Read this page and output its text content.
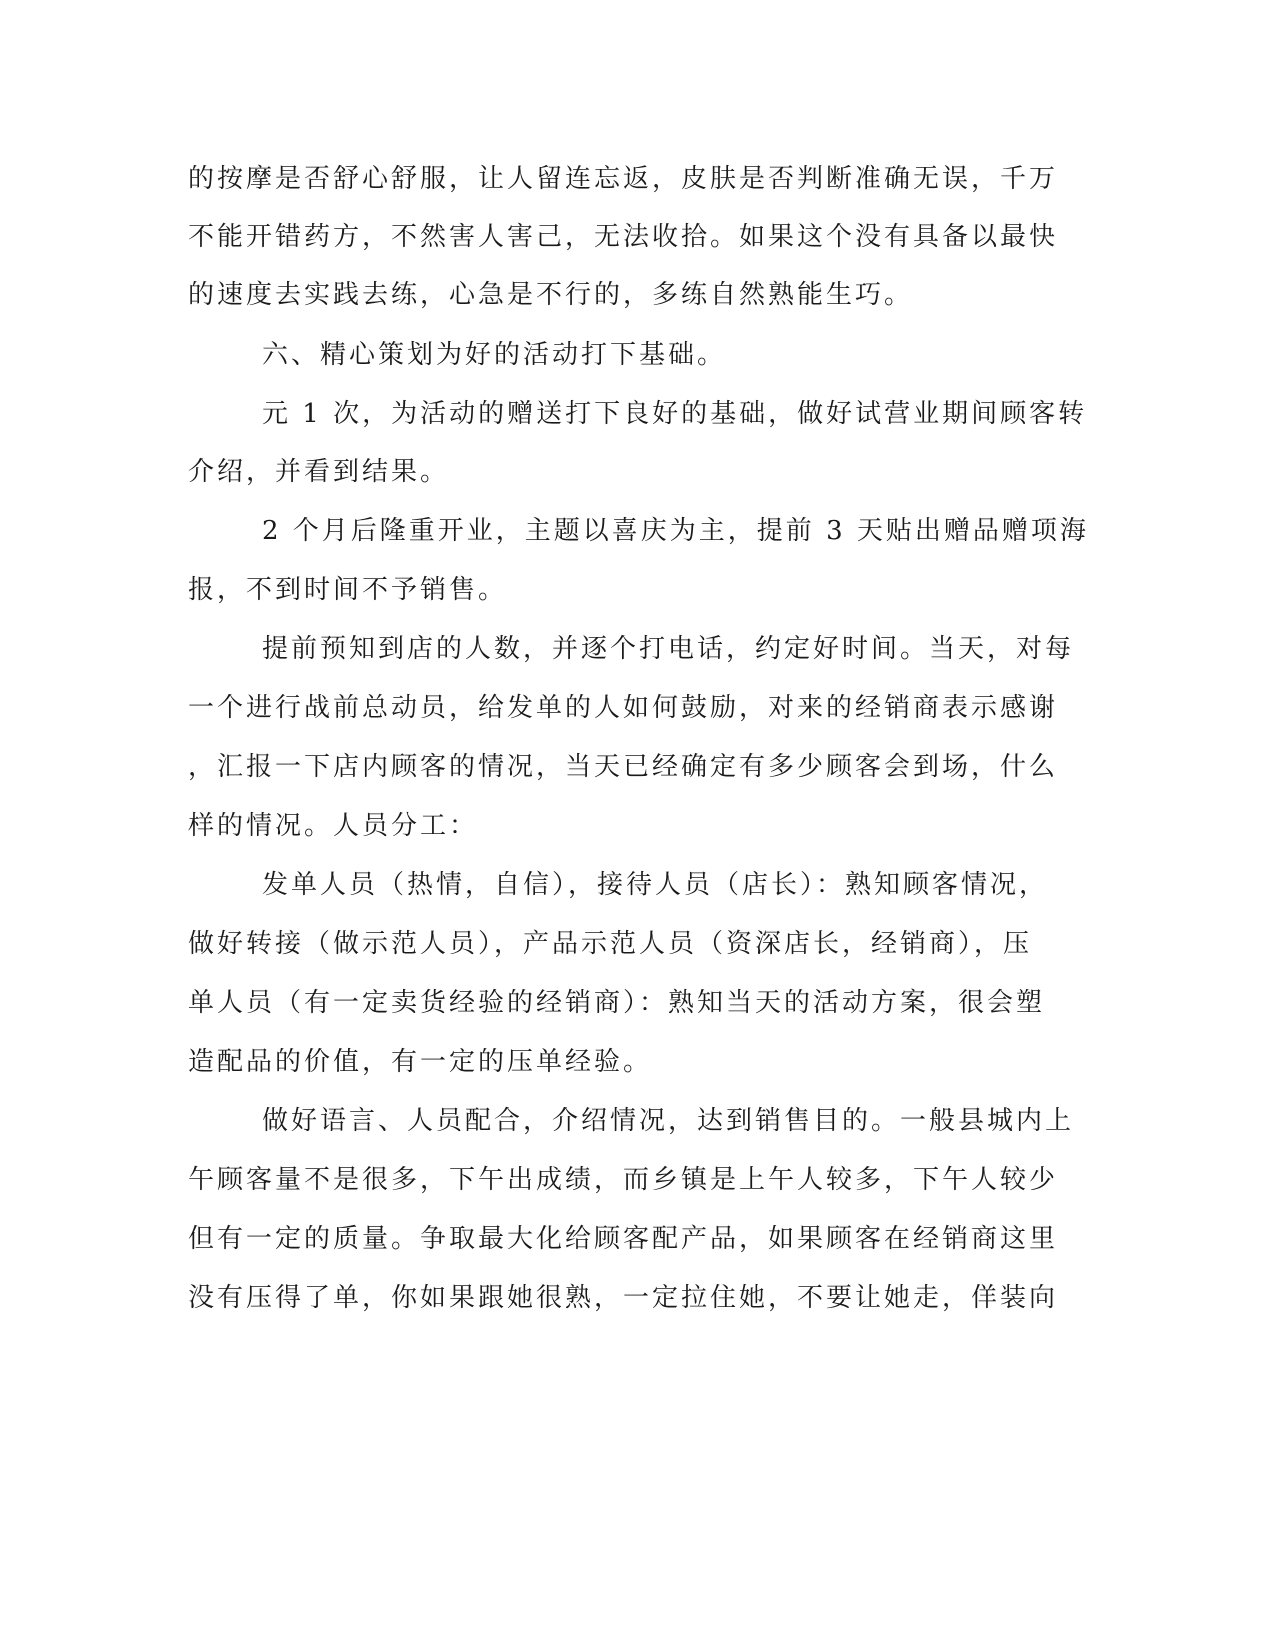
的按摩是否舒心舒服，让人留连忘返，皮肤是否判断准确无误，千万
不能开错药方，不然害人害己，无法收拾。如果这个没有具备以最快
的速度去实践去练，心急是不行的，多练自然熟能生巧。
六、精心策划为好的活动打下基础。
元 1 次，为活动的赠送打下良好的基础，做好试营业期间顾客转
介绍，并看到结果。
2 个月后隆重开业，主题以喜庆为主，提前 3 天贴出赠品赠项海
报，不到时间不予销售。
提前预知到店的人数，并逐个打电话，约定好时间。当天，对每
一个进行战前总动员，给发单的人如何鼓励，对来的经销商表示感谢
，汇报一下店内顾客的情况，当天已经确定有多少顾客会到场，什么
样的情况。人员分工：
发单人员（热情，自信），接待人员（店长）：熟知顾客情况，
做好转接（做示范人员），产品示范人员（资深店长，经销商），压
单人员（有一定卖货经验的经销商）：熟知当天的活动方案，很会塑
造配品的价值，有一定的压单经验。
做好语言、人员配合，介绍情况，达到销售目的。一般县城内上
午顾客量不是很多，下午出成绩，而乡镇是上午人较多，下午人较少
但有一定的质量。争取最大化给顾客配产品，如果顾客在经销商这里
没有压得了单，你如果跟她很熟，一定拉住她，不要让她走，佯装向
